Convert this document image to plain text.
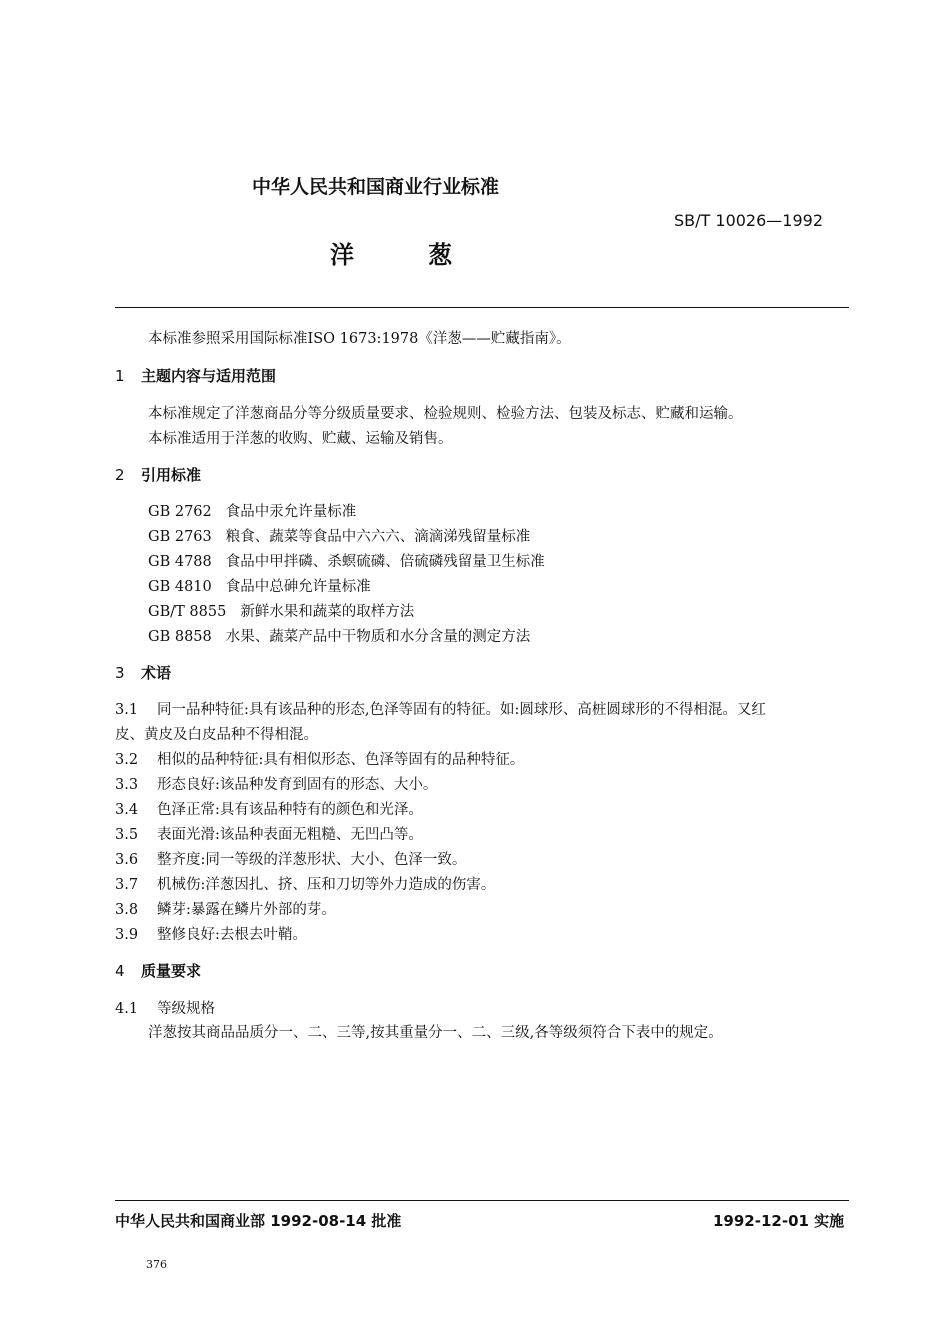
中华人民共和国商业行业标准
SB/T 10026—1992
洋	葱
本标准参照采用国际标准ISO 1673:1978《洋葱——贮藏指南》。
1 主题内容与适用范围
本标准规定了洋葱商品分等分级质量要求、检验规则、检验方法、包装及标志、贮藏和运输。
本标准适用于洋葱的收购、贮藏、运输及销售。
2 引用标准
GB 2762 食品中汞允许量标准
GB 2763 粮食、蔬菜等食品中六六六、滴滴涕残留量标准
GB 4788 食品中甲拌磷、杀螟硫磷、倍硫磷残留量卫生标准
GB 4810 食品中总砷允许量标准
GB/T 8855 新鲜水果和蔬菜的取样方法
GB 8858 水果、蔬菜产品中干物质和水分含量的测定方法
3 术语
3.1 同一品种特征:具有该品种的形态,色泽等固有的特征。如:圆球形、高桩圆球形的不得相混。又红
皮、黄皮及白皮品种不得相混。
3.2 相似的品种特征:具有相似形态、色泽等固有的品种特征。
3.3 形态良好:该品种发育到固有的形态、大小。
3.4 色泽正常:具有该品种特有的颜色和光泽。
3.5 表面光滑:该品种表面无粗糙、无凹凸等。
3.6 整齐度:同一等级的洋葱形状、大小、色泽一致。
3.7 机械伤:洋葱因扎、挤、压和刀切等外力造成的伤害。
3.8 鳞芽:暴露在鳞片外部的芽。
3.9 整修良好:去根去叶鞘。
4 质量要求
4.1 等级规格
洋葱按其商品品质分一、二、三等,按其重量分一、二、三级,各等级须符合下表中的规定。
中华人民共和国商业部 1992-08-14 批准	1992-12-01 实施
376
